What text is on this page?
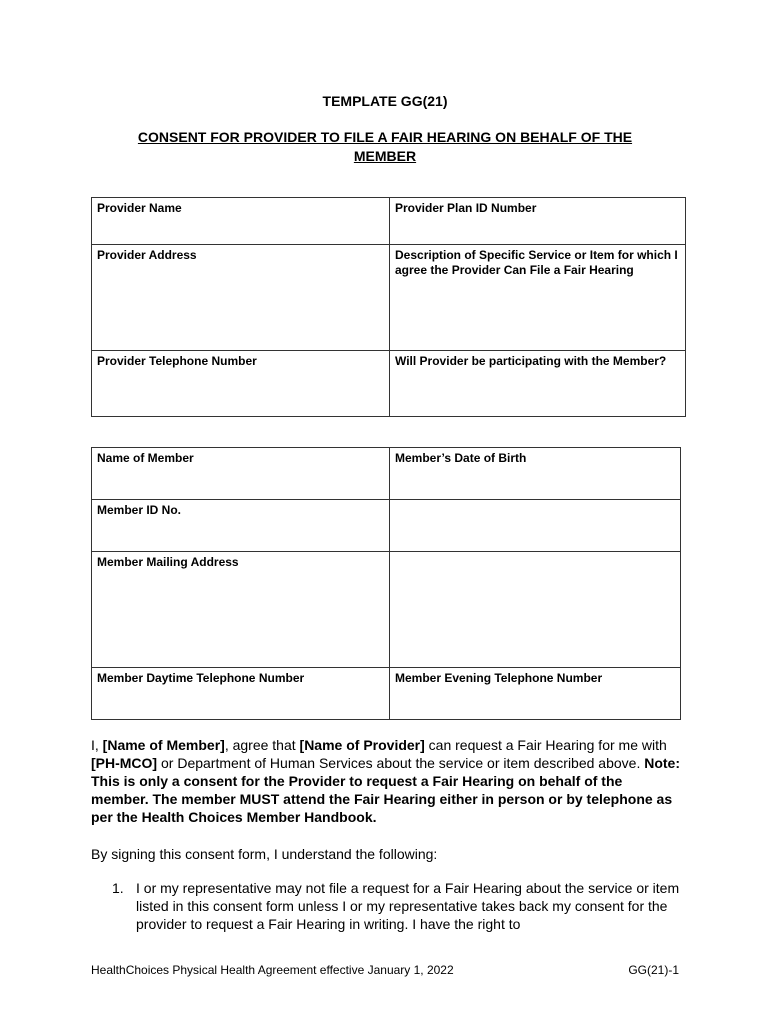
TEMPLATE GG(21)
CONSENT FOR PROVIDER TO FILE A FAIR HEARING ON BEHALF OF THE
MEMBER
Provider Name	Provider Plan ID Number
Provider Address	Description of Specific Service or Item for which I agree the Provider Can File a Fair Hearing
Provider Telephone Number	Will Provider be participating with the Member?
Name of Member	Member’s Date of Birth
Member ID No.	
Member Mailing Address	
Member Daytime Telephone Number	Member Evening Telephone Number
I, [Name of Member], agree that [Name of Provider] can request a Fair Hearing for me with [PH-MCO] or Department of Human Services about the service or item described above. Note: This is only a consent for the Provider to request a Fair Hearing on behalf of the member. The member MUST attend the Fair Hearing either in person or by telephone as per the Health Choices Member Handbook.
By signing this consent form, I understand the following:
1. I or my representative may not file a request for a Fair Hearing about the service or item listed in this consent form unless I or my representative takes back my consent for the provider to request a Fair Hearing in writing. I have the right to
HealthChoices Physical Health Agreement effective January 1, 2022	GG(21)-1
